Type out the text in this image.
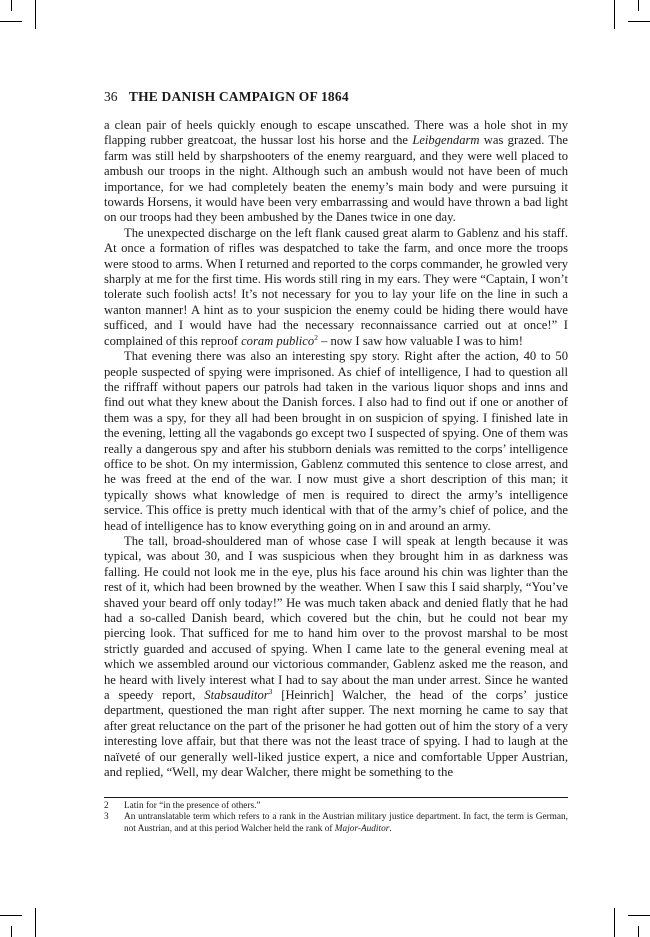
36 THE DANISH CAMPAIGN OF 1864

a clean pair of heels quickly enough to escape unscathed. There was a hole shot in my flapping rubber greatcoat, the hussar lost his horse and the Leibgendarm was grazed. The farm was still held by sharpshooters of the enemy rearguard, and they were well placed to ambush our troops in the night. Although such an ambush would not have been of much importance, for we had completely beaten the enemy’s main body and were pursuing it towards Horsens, it would have been very embarrassing and would have thrown a bad light on our troops had they been ambushed by the Danes twice in one day.

The unexpected discharge on the left flank caused great alarm to Gablenz and his staff. At once a formation of rifles was despatched to take the farm, and once more the troops were stood to arms. When I returned and reported to the corps commander, he growled very sharply at me for the first time. His words still ring in my ears. They were “Captain, I won’t tolerate such foolish acts! It’s not necessary for you to lay your life on the line in such a wanton manner! A hint as to your suspicion the enemy could be hiding there would have sufficed, and I would have had the necessary reconnaissance carried out at once!” I complained of this reproof coram publico$^2$ – now I saw how valuable I was to him!

That evening there was also an interesting spy story. Right after the action, 40 to 50 people suspected of spying were imprisoned. As chief of intelligence, I had to question all the riffraff without papers our patrols had taken in the various liquor shops and inns and find out what they knew about the Danish forces. I also had to find out if one or another of them was a spy, for they all had been brought in on suspicion of spying. I finished late in the evening, letting all the vagabonds go except two I suspected of spying. One of them was really a dangerous spy and after his stubborn denials was remitted to the corps’ intelligence office to be shot. On my intermission, Gablenz commuted this sentence to close arrest, and he was freed at the end of the war. I now must give a short description of this man; it typically shows what knowledge of men is required to direct the army’s intelligence service. This office is pretty much identical with that of the army’s chief of police, and the head of intelligence has to know everything going on in and around an army.

The tall, broad-shouldered man of whose case I will speak at length because it was typical, was about 30, and I was suspicious when they brought him in as darkness was falling. He could not look me in the eye, plus his face around his chin was lighter than the rest of it, which had been browned by the weather. When I saw this I said sharply, “You’ve shaved your beard off only today!” He was much taken aback and denied flatly that he had had a so-called Danish beard, which covered but the chin, but he could not bear my piercing look. That sufficed for me to hand him over to the provost marshal to be most strictly guarded and accused of spying. When I came late to the general evening meal at which we assembled around our victorious commander, Gablenz asked me the reason, and he heard with lively interest what I had to say about the man under arrest. Since he wanted a speedy report, Stabsauditor$^3$ [Heinrich] Walcher, the head of the corps’ justice department, questioned the man right after supper. The next morning he came to say that after great reluctance on the part of the prisoner he had gotten out of him the story of a very interesting love affair, but that there was not the least trace of spying. I had to laugh at the naïveté of our generally well-liked justice expert, a nice and comfortable Upper Austrian, and replied, “Well, my dear Walcher, there might be something to the

2	Latin for “in the presence of others.”
3	An untranslatable term which refers to a rank in the Austrian military justice department. In fact, the term is German, not Austrian, and at this period Walcher held the rank of Major-Auditor.
